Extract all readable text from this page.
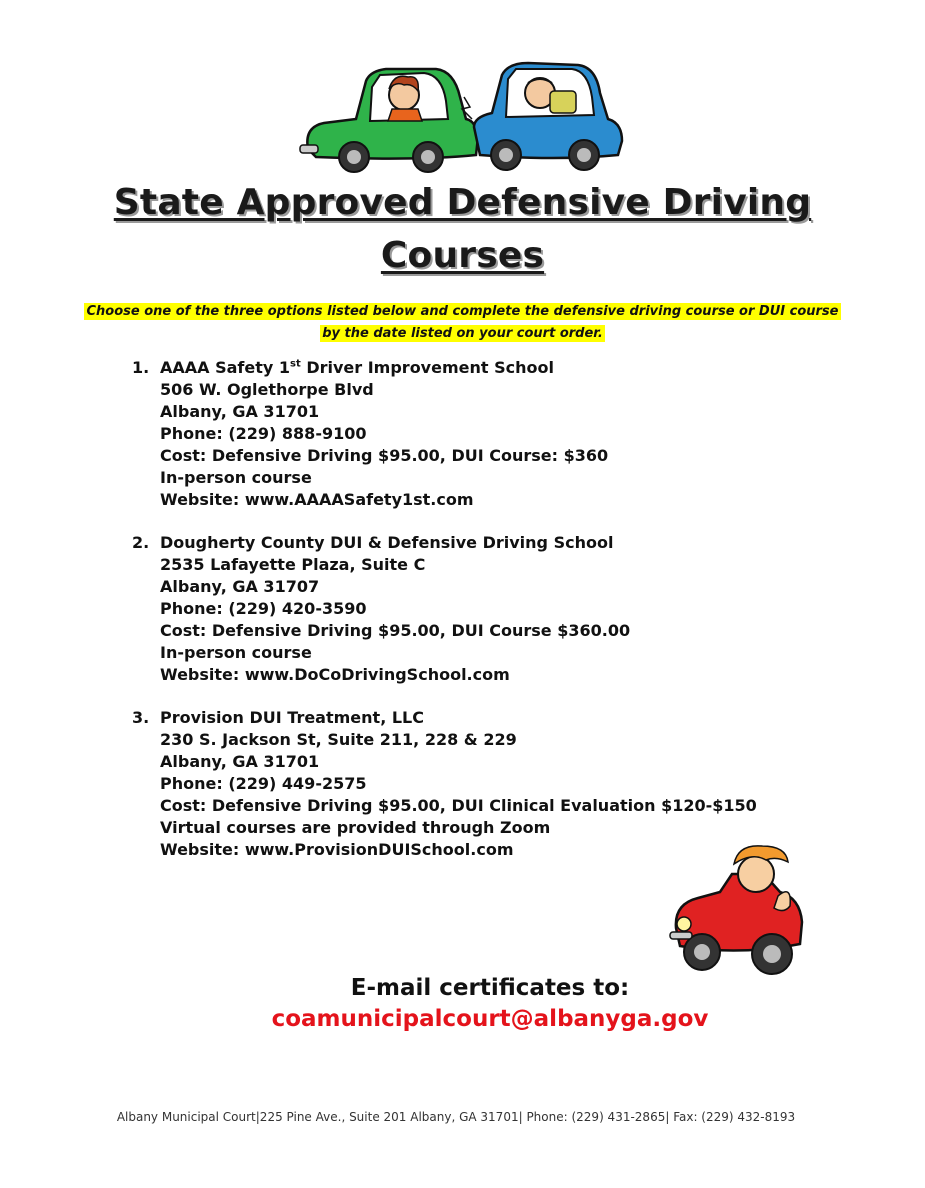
State Approved Defensive Driving
Courses
Choose one of the three options listed below and complete the defensive driving course or DUI course
by the date listed on your court order.
1. AAAA Safety 1st Driver Improvement School
506 W. Oglethorpe Blvd
Albany, GA 31701
Phone: (229) 888-9100
Cost: Defensive Driving $95.00, DUI Course: $360
In-person course
Website: www.AAAASafety1st.com
2. Dougherty County DUI & Defensive Driving School
2535 Lafayette Plaza, Suite C
Albany, GA 31707
Phone: (229) 420-3590
Cost: Defensive Driving $95.00, DUI Course $360.00
In-person course
Website: www.DoCoDrivingSchool.com
3. Provision DUI Treatment, LLC
230 S. Jackson St, Suite 211, 228 & 229
Albany, GA 31701
Phone: (229) 449-2575
Cost: Defensive Driving $95.00, DUI Clinical Evaluation $120-$150
Virtual courses are provided through Zoom
Website: www.ProvisionDUISchool.com
E-mail certificates to:
coamunicipalcourt@albanyga.gov
Albany Municipal Court|225 Pine Ave., Suite 201 Albany, GA 31701| Phone: (229) 431-2865| Fax: (229) 432-8193
